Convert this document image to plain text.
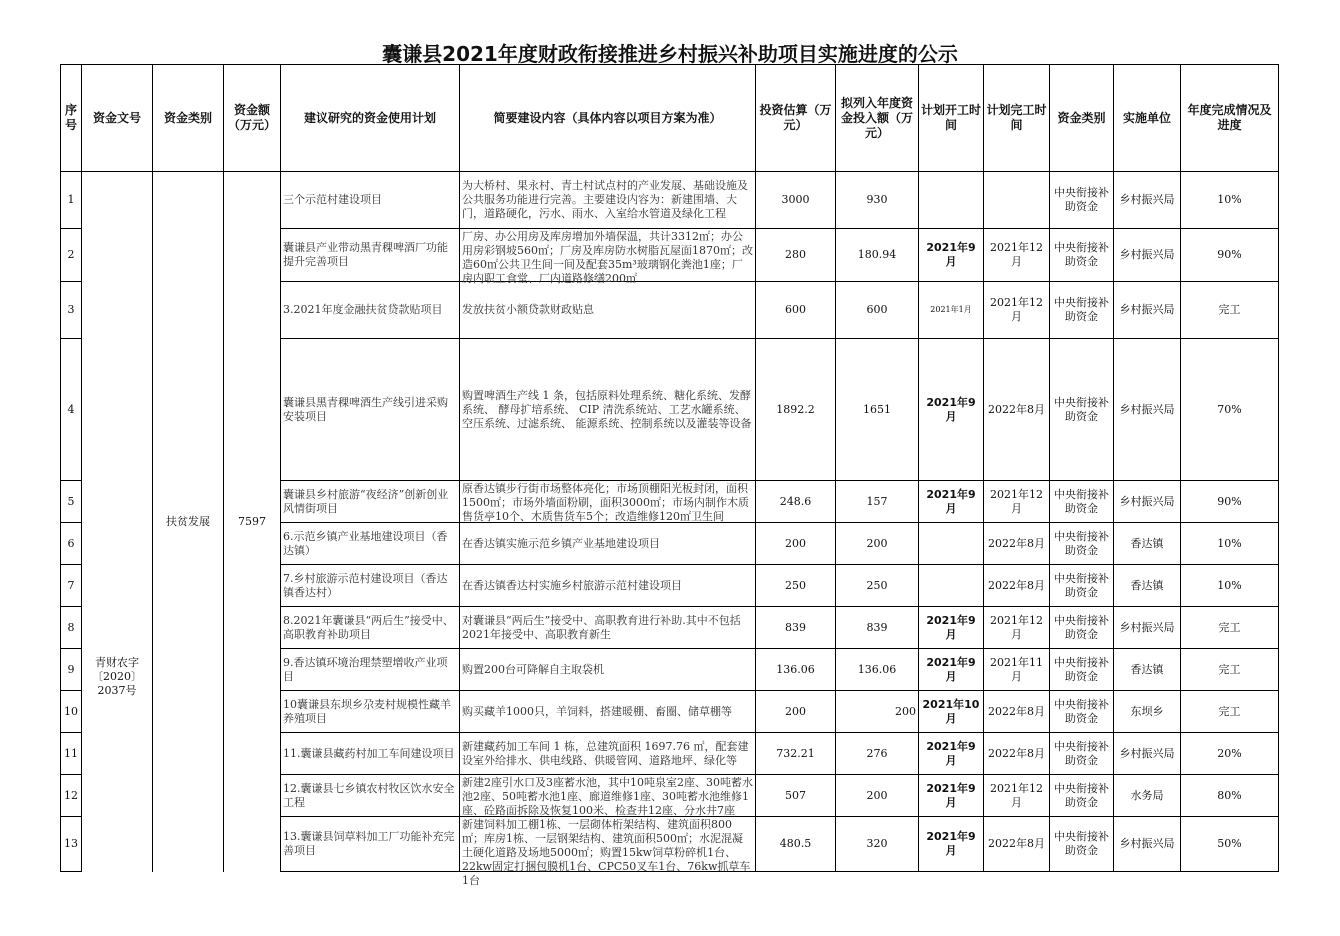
囊谦县2021年度财政衔接推进乡村振兴补助项目实施进度的公示
序号	资金文号	资金类别	资金额（万元）	建议研究的资金使用计划	简要建设内容（具体内容以项目方案为准）	投资估算（万元）	拟列入年度资金投入额（万元）	计划开工时间	计划完工时间	资金类别	实施单位	年度完成情况及进度
1	青财农字〔2020〕2037号	扶贫发展	7597	三个示范村建设项目	为大桥村、果永村、青土村试点村的产业发展、基础设施及公共服务功能进行完善。主要建设内容为：新建围墙、大门，道路硬化，污水、雨水、入室给水管道及绿化工程	3000	930			中央衔接补助资金	乡村振兴局	10%
2				囊谦县产业带动黑青稞啤酒厂功能提升完善项目	厂房、办公用房及库房增加外墙保温，共计3312㎡；办公用房彩钢坡560㎡；厂房及库房防水树脂瓦屋面1870㎡；改造60㎡公共卫生间一间及配套35m³玻璃钢化粪池1座；厂房内职工食堂、厂内道路修缮200㎡	280	180.94	2021年9月	2021年12月	中央衔接补助资金	乡村振兴局	90%
3				3.2021年度金融扶贫贷款贴项目	发放扶贫小额贷款财政贴息	600	600	2021年1月	2021年12月	中央衔接补助资金	乡村振兴局	完工
4				囊谦县黑青稞啤酒生产线引进采购安装项目	购置啤酒生产线 1 条，包括原料处理系统、糖化系统、发酵系统、 酵母扩培系统、 CIP 清洗系统站、工艺水罐系统、空压系统、过滤系统、 能源系统、控制系统以及灌装等设备	1892.2	1651	2021年9月	2022年8月	中央衔接补助资金	乡村振兴局	70%
5				囊谦县乡村旅游“夜经济”创新创业风情街项目	原香达镇步行街市场整体亮化；市场顶棚阳光板封闭，面积1500㎡；市场外墙面粉刷，面积3000㎡；市场内制作木质售货亭10个、木质售货车5个；改造维修120㎡卫生间	248.6	157	2021年9月	2021年12月	中央衔接补助资金	乡村振兴局	90%
6				6.示范乡镇产业基地建设项目（香达镇）	在香达镇实施示范乡镇产业基地建设项目	200	200		2022年8月	中央衔接补助资金	香达镇	10%
7				7.乡村旅游示范村建设项目（香达镇香达村）	在香达镇香达村实施乡村旅游示范村建设项目	250	250		2022年8月	中央衔接补助资金	香达镇	10%
8				8.2021年囊谦县“两后生”接受中、高职教育补助项目	对囊谦县“两后生”接受中、高职教育进行补助.其中不包括2021年接受中、高职教育新生	839	839	2021年9月	2021年12月	中央衔接补助资金	乡村振兴局	完工
9				9.香达镇环境治理禁塑增收产业项目	购置200台可降解自主取袋机	136.06	136.06	2021年9月	2021年11月	中央衔接补助资金	香达镇	完工
10				10囊谦县东坝乡尕麦村规模性藏羊养殖项目	购买藏羊1000只，羊饲料，搭建暖棚、畜圈、储草棚等	200	200	2021年10月	2022年8月	中央衔接补助资金	东坝乡	完工
11				11.囊谦县藏药村加工车间建设项目	新建藏药加工车间 1 栋，总建筑面积 1697.76 ㎡，配套建设室外给排水、供电线路、供暖管网、道路地坪、绿化等	732.21	276	2021年9月	2022年8月	中央衔接补助资金	乡村振兴局	20%
12				12.囊谦县七乡镇农村牧区饮水安全工程	新建2座引水口及3座蓄水池，其中10吨泉室2座、30吨蓄水池2座、50吨蓄水池1座、廊道维修1座、30吨蓄水池维修1座、砼路面拆除及恢复100米、检查井12座、分水井7座	507	200	2021年9月	2021年12月	中央衔接补助资金	水务局	80%
13				13.囊谦县饲草料加工厂功能补充完善项目	新建饲料加工棚1栋、一层砌体桁架结构、建筑面积800㎡；库房1栋、一层钢架结构、建筑面积500㎡；水泥混凝土硬化道路及场地5000㎡；购置15kw饲草粉碎机1台、22kw固定打捆包膜机1台、CPC50叉车1台、76kw抓草车1台	480.5	320	2021年9月	2022年8月	中央衔接补助资金	乡村振兴局	50%
